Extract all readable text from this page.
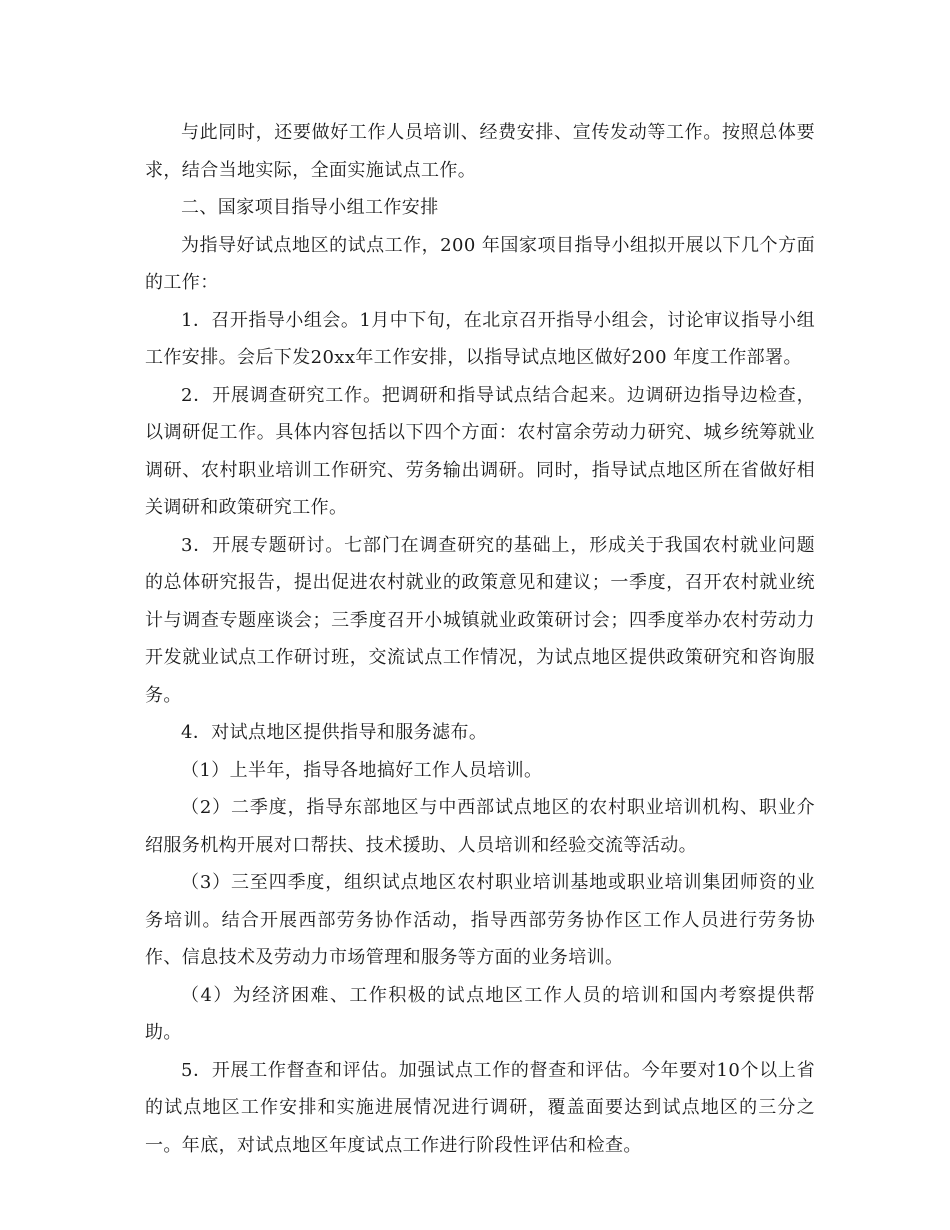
与此同时，还要做好工作人员培训、经费安排、宣传发动等工作。按照总体要求，结合当地实际，全面实施试点工作。

二、国家项目指导小组工作安排

为指导好试点地区的试点工作，200 年国家项目指导小组拟开展以下几个方面的工作：

1．召开指导小组会。1月中下旬，在北京召开指导小组会，讨论审议指导小组工作安排。会后下发20xx年工作安排，以指导试点地区做好200 年度工作部署。

2．开展调查研究工作。把调研和指导试点结合起来。边调研边指导边检查，以调研促工作。具体内容包括以下四个方面：农村富余劳动力研究、城乡统筹就业调研、农村职业培训工作研究、劳务输出调研。同时，指导试点地区所在省做好相关调研和政策研究工作。

3．开展专题研讨。七部门在调查研究的基础上，形成关于我国农村就业问题的总体研究报告，提出促进农村就业的政策意见和建议；一季度，召开农村就业统计与调查专题座谈会；三季度召开小城镇就业政策研讨会；四季度举办农村劳动力开发就业试点工作研讨班，交流试点工作情况，为试点地区提供政策研究和咨询服务。

4．对试点地区提供指导和服务滤布。

（1）上半年，指导各地搞好工作人员培训。

（2）二季度，指导东部地区与中西部试点地区的农村职业培训机构、职业介绍服务机构开展对口帮扶、技术援助、人员培训和经验交流等活动。

（3）三至四季度，组织试点地区农村职业培训基地或职业培训集团师资的业务培训。结合开展西部劳务协作活动，指导西部劳务协作区工作人员进行劳务协作、信息技术及劳动力市场管理和服务等方面的业务培训。

（4）为经济困难、工作积极的试点地区工作人员的培训和国内考察提供帮助。

5．开展工作督查和评估。加强试点工作的督查和评估。今年要对10个以上省的试点地区工作安排和实施进展情况进行调研，覆盖面要达到试点地区的三分之一。年底，对试点地区年度试点工作进行阶段性评估和检查。
